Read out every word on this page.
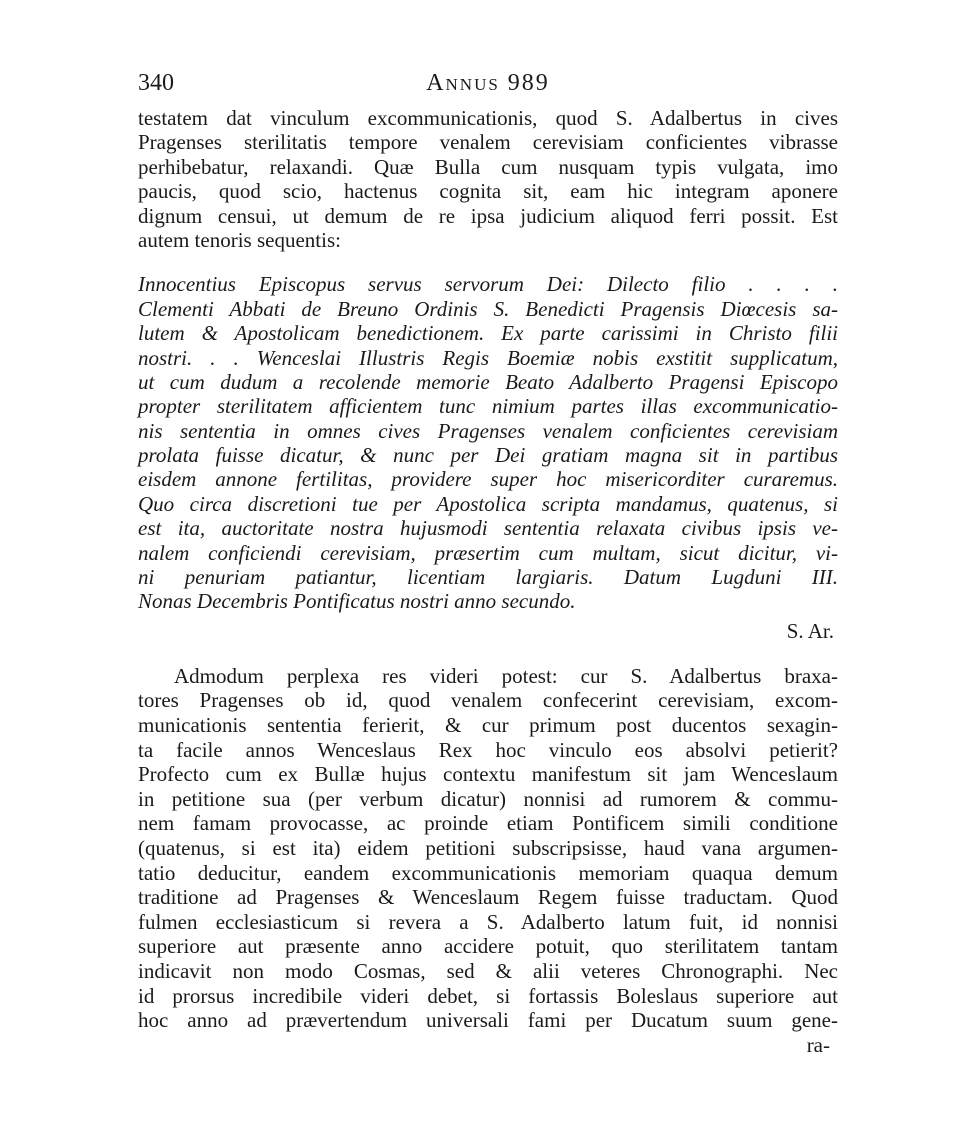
340	Annus 989
testatem dat vinculum excommunicationis, quod S. Adalbertus in cives
Pragenses sterilitatis tempore venalem cerevisiam conficientes vibrasse
perhibebatur, relaxandi. Quæ Bulla cum nusquam typis vulgata, imo
paucis, quod scio, hactenus cognita sit, eam hic integram aponere
dignum censui, ut demum de re ipsa judicium aliquod ferri possit. Est
autem tenoris sequentis:
Innocentius Episcopus servus servorum Dei: Dilecto filio . . . .
Clementi Abbati de Breuno Ordinis S. Benedicti Pragensis Diœcesis sa-
lutem & Apostolicam benedictionem. Ex parte carissimi in Christo filii
nostri. . . Wenceslai Illustris Regis Boemiæ nobis exstitit supplicatum,
ut cum dudum a recolende memorie Beato Adalberto Pragensi Episcopo
propter sterilitatem afficientem tunc nimium partes illas excommunicatio-
nis sententia in omnes cives Pragenses venalem conficientes cerevisiam
prolata fuisse dicatur, & nunc per Dei gratiam magna sit in partibus
eisdem annone fertilitas, providere super hoc misericorditer curaremus.
Quo circa discretioni tue per Apostolica scripta mandamus, quatenus, si
est ita, auctoritate nostra hujusmodi sententia relaxata civibus ipsis ve-
nalem conficiendi cerevisiam, præsertim cum multam, sicut dicitur, vi-
ni penuriam patiantur, licentiam largiaris. Datum Lugduni III.
Nonas Decembris Pontificatus nostri anno secundo.
S. Ar.
Admodum perplexa res videri potest: cur S. Adalbertus braxa-
tores Pragenses ob id, quod venalem confecerint cerevisiam, excom-
municationis sententia ferierit, & cur primum post ducentos sexagin-
ta facile annos Wenceslaus Rex hoc vinculo eos absolvi petierit?
Profecto cum ex Bullæ hujus contextu manifestum sit jam Wenceslaum
in petitione sua (per verbum dicatur) nonnisi ad rumorem & commu-
nem famam provocasse, ac proinde etiam Pontificem simili conditione
(quatenus, si est ita) eidem petitioni subscripsisse, haud vana argumen-
tatio deducitur, eandem excommunicationis memoriam quaqua demum
traditione ad Pragenses & Wenceslaum Regem fuisse traductam. Quod
fulmen ecclesiasticum si revera a S. Adalberto latum fuit, id nonnisi
superiore aut præsente anno accidere potuit, quo sterilitatem tantam
indicavit non modo Cosmas, sed & alii veteres Chronographi. Nec
id prorsus incredibile videri debet, si fortassis Boleslaus superiore aut
hoc anno ad prævertendum universali fami per Ducatum suum gene-
ra-
